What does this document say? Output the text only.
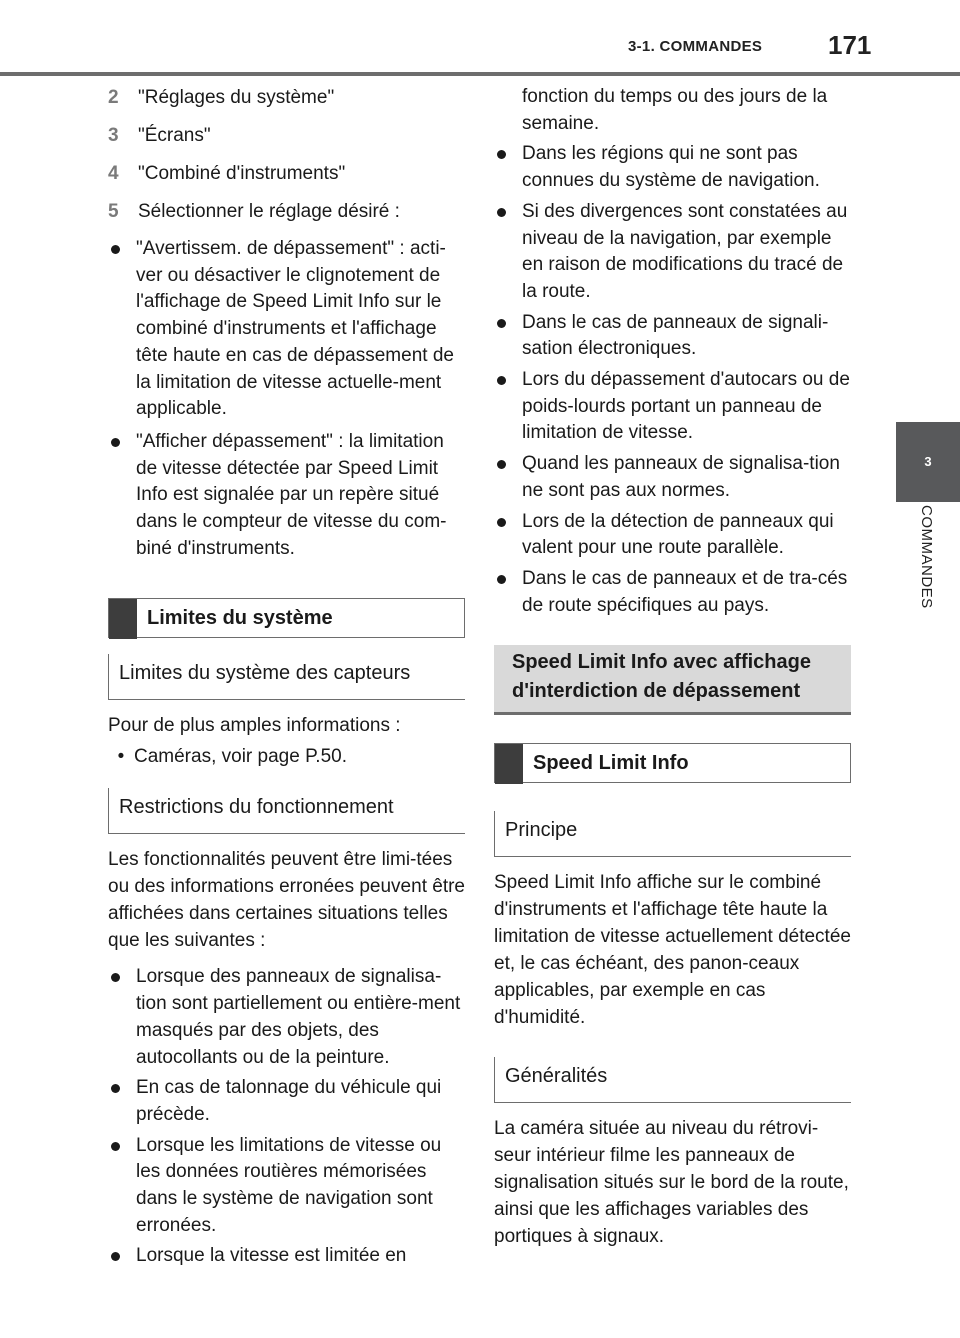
3-1. COMMANDES	171
3
COMMANDES
2	"Réglages du système"
3	"Écrans"
4	"Combiné d'instruments"
5	Sélectionner le réglage désiré :
"Avertissem. de dépassement" : acti-ver ou désactiver le clignotement de l'affichage de Speed Limit Info sur le combiné d'instruments et l'affichage tête haute en cas de dépassement de la limitation de vitesse actuelle-ment applicable.
"Afficher dépassement" : la limitation de vitesse détectée par Speed Limit Info est signalée par un repère situé dans le compteur de vitesse du com-biné d'instruments.
Limites du système
Limites du système des capteurs
Pour de plus amples informations :
• Caméras, voir page P.50.
Restrictions du fonctionnement
Les fonctionnalités peuvent être limi-tées ou des informations erronées peuvent être affichées dans certaines situations telles que les suivantes :
Lorsque des panneaux de signalisa-tion sont partiellement ou entière-ment masqués par des objets, des autocollants ou de la peinture.
En cas de talonnage du véhicule qui précède.
Lorsque les limitations de vitesse ou les données routières mémorisées dans le système de navigation sont erronées.
Lorsque la vitesse est limitée en
fonction du temps ou des jours de la semaine.
Dans les régions qui ne sont pas connues du système de navigation.
Si des divergences sont constatées au niveau de la navigation, par exemple en raison de modifications du tracé de la route.
Dans le cas de panneaux de signali-sation électroniques.
Lors du dépassement d'autocars ou de poids-lourds portant un panneau de limitation de vitesse.
Quand les panneaux de signalisa-tion ne sont pas aux normes.
Lors de la détection de panneaux qui valent pour une route parallèle.
Dans le cas de panneaux et de tra-cés de route spécifiques au pays.
Speed Limit Info avec affichage d'interdiction de dépassement
Speed Limit Info
Principe
Speed Limit Info affiche sur le combiné d'instruments et l'affichage tête haute la limitation de vitesse actuellement détectée et, le cas échéant, des panon-ceaux applicables, par exemple en cas d'humidité.
Généralités
La caméra située au niveau du rétrovi-seur intérieur filme les panneaux de signalisation situés sur le bord de la route, ainsi que les affichages variables des portiques à signaux.
